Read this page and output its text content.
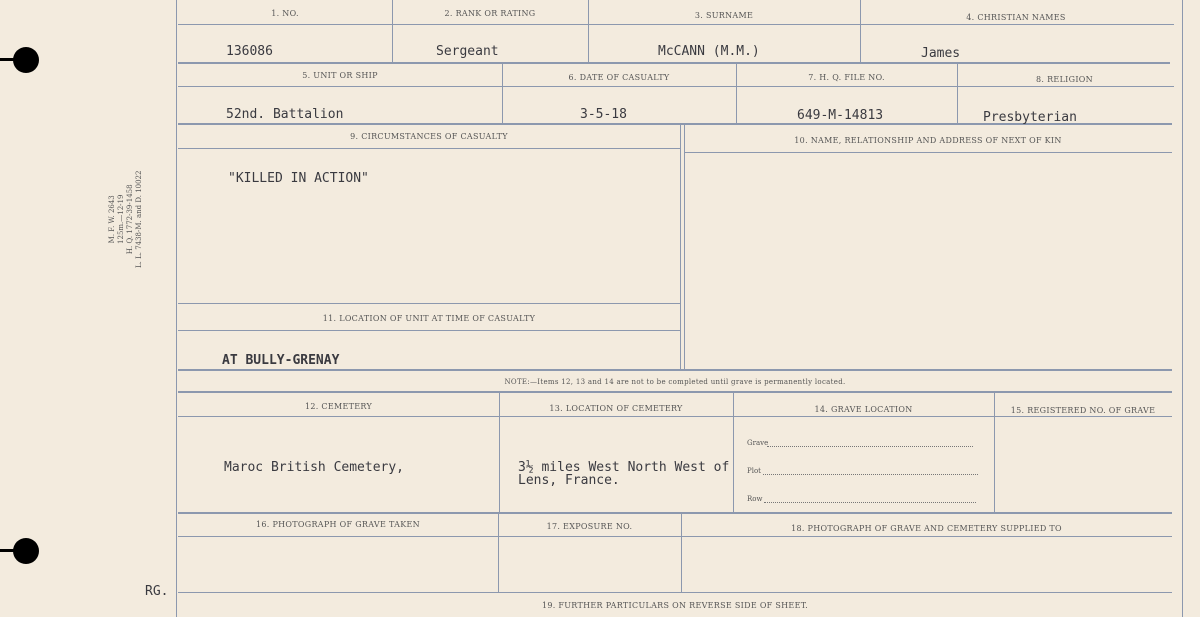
M. F. W. 2643 125m.—12-19 H. Q. 1772-39-1458 L. L. 7438-M. and D. 10022
1. NO.	2. RANK OR RATING	3. SURNAME	4. CHRISTIAN NAMES
136086	Sergeant	McCANN (M.M.)	James
5. UNIT OR SHIP	6. DATE OF CASUALTY	7. H. Q. FILE NO.	8. RELIGION
52nd. Battalion	3-5-18	649-M-14813	Presbyterian
9. CIRCUMSTANCES OF CASUALTY	10. NAME, RELATIONSHIP AND ADDRESS OF NEXT OF KIN
11. LOCATION OF UNIT AT TIME OF CASUALTY
"KILLED IN ACTION"
AT BULLY-GRENAY
NOTE:—Items 12, 13 and 14 are not to be completed until grave is permanently located.
12. CEMETERY	13. LOCATION OF CEMETERY	14. GRAVE LOCATION	15. REGISTERED NO. OF GRAVE
Maroc British Cemetery,	3½ miles West North West of
Lens, France.
Grave
Plot
Row
16. PHOTOGRAPH OF GRAVE TAKEN	17. EXPOSURE NO.	18. PHOTOGRAPH OF GRAVE AND CEMETERY SUPPLIED TO
19. FURTHER PARTICULARS ON REVERSE SIDE OF SHEET.
RG.
